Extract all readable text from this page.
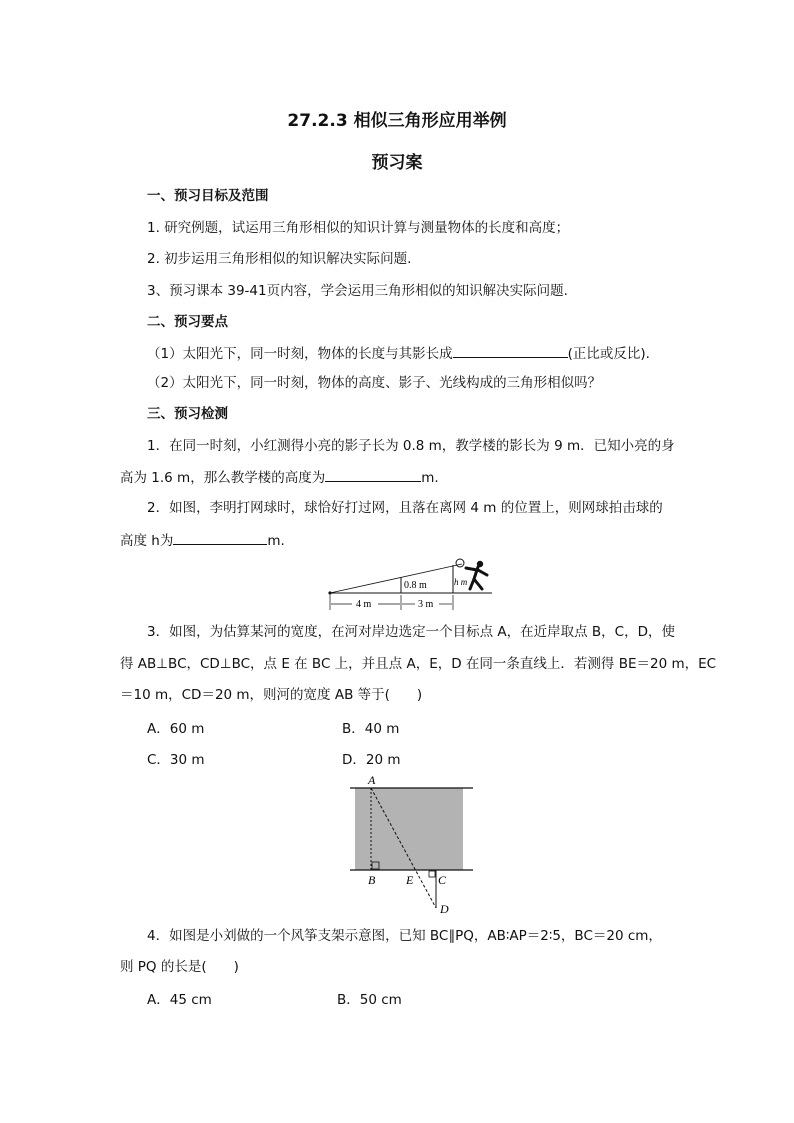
27.2.3 相似三角形应用举例
预习案
一、预习目标及范围
1. 研究例题，试运用三角形相似的知识计算与测量物体的长度和高度；
2. 初步运用三角形相似的知识解决实际问题.
3、预习课本 39-41页内容，学会运用三角形相似的知识解决实际问题.
二、预习要点
（1）太阳光下，同一时刻，物体的长度与其影长成	(正比或反比).
（2）太阳光下，同一时刻，物体的高度、影子、光线构成的三角形相似吗？
三、预习检测
1．在同一时刻，小红测得小亮的影子长为 0.8 m，教学楼的影长为 9 m．已知小亮的身
高为 1.6 m，那么教学楼的高度为	m.
2．如图，李明打网球时，球恰好打过网，且落在离网 4 m 的位置上，则网球拍击球的
高度 h为	m.
0.8 m	h m
4 m	3 m
3．如图，为估算某河的宽度，在河对岸边选定一个目标点 A，在近岸取点 B，C，D，使
得 AB⊥BC，CD⊥BC，点 E 在 BC 上，并且点 A，E，D 在同一条直线上．若测得 BE＝20 m，EC
＝10 m，CD＝20 m，则河的宽度 AB 等于(　　)
A．60 m	B．40 m
C．30 m	D．20 m
A
B	E C
D
4．如图是小刘做的一个风筝支架示意图，已知 BC∥PQ，AB∶AP＝2∶5，BC＝20 cm，
则 PQ 的长是(　　)
A．45 cm	B．50 cm
